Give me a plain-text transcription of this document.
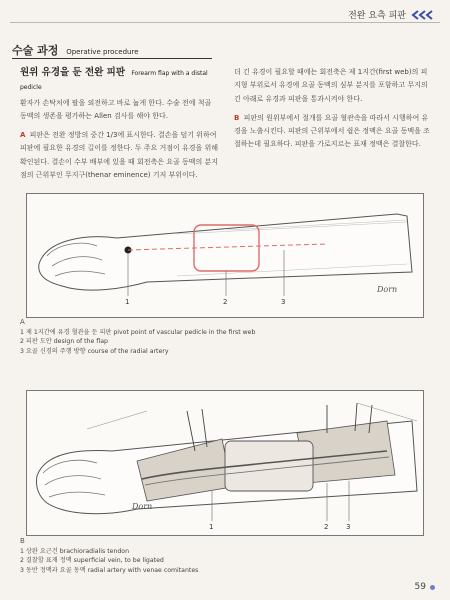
전완 요측 피판
수술 과정 Operative procedure
원위 유경을 둔 전완 피판 Forearm flap with a distal pedicle

환자가 손탁처에 팔을 외전하고 바로 눕게 한다. 수술 전에 척골 동맥의 생존을 평가하는 Allen 검사를 해야 한다.

A 피판은 전완 정방의 중간 1/3에 표시한다. 결손을 덮기 위하여 피판에 필요한 유경의 길이를 정한다. 두 주요 거점이 유경을 위해 확인된다. 결손이 수부 배부에 있을 때 회전축은 요골 동맥의 분지점의 근위부인 무지구(thenar eminence) 기저 부위이다.

더 긴 유경이 필요할 때에는 회전축은 제 1지간(first web)의 피지형 부위로서 유경에 요골 동맥의 심부 분지를 포함하고 무지의 긴 아래로 유경과 피판을 통과시켜야 한다.

B 피판의 원위부에서 절개를 요골 혈관속을 따라서 시행하여 유경을 노출시킨다. 피판의 근위부에서 쉽은 정맥은 요골 동맥을 조절하는데 필요하다. 피판을 가로지르는 표재 정맥은 결찰한다.

1	2	3
Dorn
A
1 제 1지간에 유경 혈관을 둔 피판 pivot point of vascular pedicle in the first web
2 피판 도안 design of the flap
3 요골 신경의 주행 방향 course of the radial artery
1	2	3
Dorn
B
1 상완 요근건 brachioradialis tendon
2 결찰할 표재 정맥 superficial vein, to be ligated
3 동반 정맥과 요골 동맥 radial artery with venae comitantes
59
